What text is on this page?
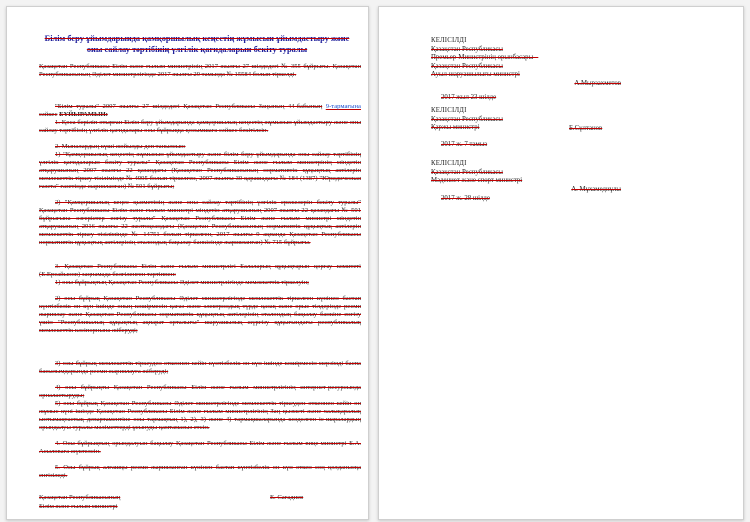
Білім беру ұйымдарында қамқоршылық кеңестің жұмысын ұйымдастыру және оны сайлау тәртібінің үлгілік қағидаларын бекіту туралы
Қазақстан Республикасы Білім және ғылым министрінің 2017 жылғы 27 шілдедегі № 355 бұйрығы. Қазақстан Республикасының Әділет министрлігінде 2017 жылғы 29 тамызда № 15584 болып тіркелді.
"Білім туралы" 2007 жылғы 27 шілдедегі Қазақстан Республикасы Заңының 44-бабының 9-тармағына сәйкес БҰЙЫРАМЫН:
1. Қоса беріліп отырған Білім беру ұйымдарында қамқоршылық кеңестің жұмысын ұйымдастыру және оны сайлау тәртібінің үлгілік қағидалары осы бұйрыққа қосымшаға сәйкес бекітілсін.
2. Мыналардың күші жойылды деп танылсын:
1) "Қамқоршылық кеңестің жұмысын ұйымдастыру және білім беру ұйымдарында оны сайлау тәртібінің үлгілік қағидаларын бекіту туралы" Қазақстан Республикасы Білім және ғылым министрінің міндетін атқарушының 2007 жылғы 22 қазандағы (Қазақстан Республикасының нормативтік құқықтық актілерін мемлекеттік тіркеу тізілімінде № 4995 болып тіркелген, 2007 жылғы 30 қарашадағы № 184 (1387) "Юридическая газета" газетінде жарияланған) № 501 бұйрығы;
2) "Қамқоршылық кеңес қызметінің және оны сайлау тәртібінің үлгілік ережелерін бекіту туралы" Қазақстан Республикасы Білім және ғылым министрі міндетін атқарушының 2007 жылғы 22 қазандағы № 501 бұйрығына өзгерістер енгізу туралы" Қазақстан Республикасы Білім және ғылым министрі міндетін атқарушының 2016 жылғы 22 желтоқсандағы (Қазақстан Республикасының нормативтік құқықтық актілерін мемлекеттік тіркеу тізілімінде № 14751 болып тіркелген, 2017 жылғы 9 ақпанда Қазақстан Республикасы нормативтік құқықтық актілерінің эталондық бақылау банкісінде жарияланған) № 715 бұйрығы.
3. Қазақстан Республикасы Білім және ғылым министрлігі Балаларың құқықтарын қорғау комитеті (Е.Ерсайынов) заңнамада белгіленген тәртіппен:
1) осы бұйрықтың Қазақстан Республикасы Әділет министрлігінде мемлекеттік тіркелуін;
2) осы бұйрық Қазақстан Республикасы Әділет министрлігінде мемлекеттік тіркелген күнінен бастап күнтізбелік он күн ішінде оның көшірмесін қағаз және электрондық түрде қазақ және орыс тілдерінде ресми жариялау және Қазақстан Республикасы нормативтік құқықтық актілерінің эталондық бақылау банкіне енгізу үшін "Республикалық құқықтық ақпарат орталығы" шаруашылық жүргізу құқығындағы республикалық мемлекеттік кәсіпорнына жіберуді;
3) осы бұйрық мемлекеттік тіркеуден өткеннен кейін күнтізбелік он күн ішінде көшірмесін мерзімді баспа басылымдарында ресми жариялауға жіберуді;
4) осы бұйрықты Қазақстан Республикасы Білім және ғылым министрлігінің интернет-ресурсында орналастыруды;
5) осы бұйрық Қазақстан Республикасы Әділет министрлігінде мемлекеттік тіркеуден өткеннен кейін он жұмыс күні ішінде Қазақстан Республикасы Білім және ғылым министрлігінің Заң қызметі және халықаралық ынтымақтастық департаментіне осы тармақтың 1), 2), 3) және 4) тармақшаларында көзделген іс-шаралардың орындалуы туралы мәліметтерді ұсынуды қамтамасыз етсін.
4. Осы бұйрықтың орындалуын бақылау Қазақстан Республикасы Білім және ғылым вице-министрі Б.А. Асыловаға жүктелсін.
5. Осы бұйрық алғашқы ресми жарияланған күнінен бастап күнтізбелік он күн өткен соң қолданысқа енгізіледі.
Қазақстан Республикасының
Білім және ғылым министрі
Е. Сағадиев
КЕЛІСІЛДІ
Қазақстан Республикасы
Премьер-Министрінің орынбасары –
Қазақстан Республикасы
Ауыл шаруашылығы министрі
А.Мырзахметов
2017 жыл 23 шілде
КЕЛІСІЛДІ
Қазақстан Республикасы
Қаржы министрі	Б.Сұлтанов
2017 ж. 7 тамыз
КЕЛІСІЛДІ
Қазақстан Республикасы
Мәдениет және спорт министрі
А. Мұхамедиұлы
2017 ж. 28 шілде
